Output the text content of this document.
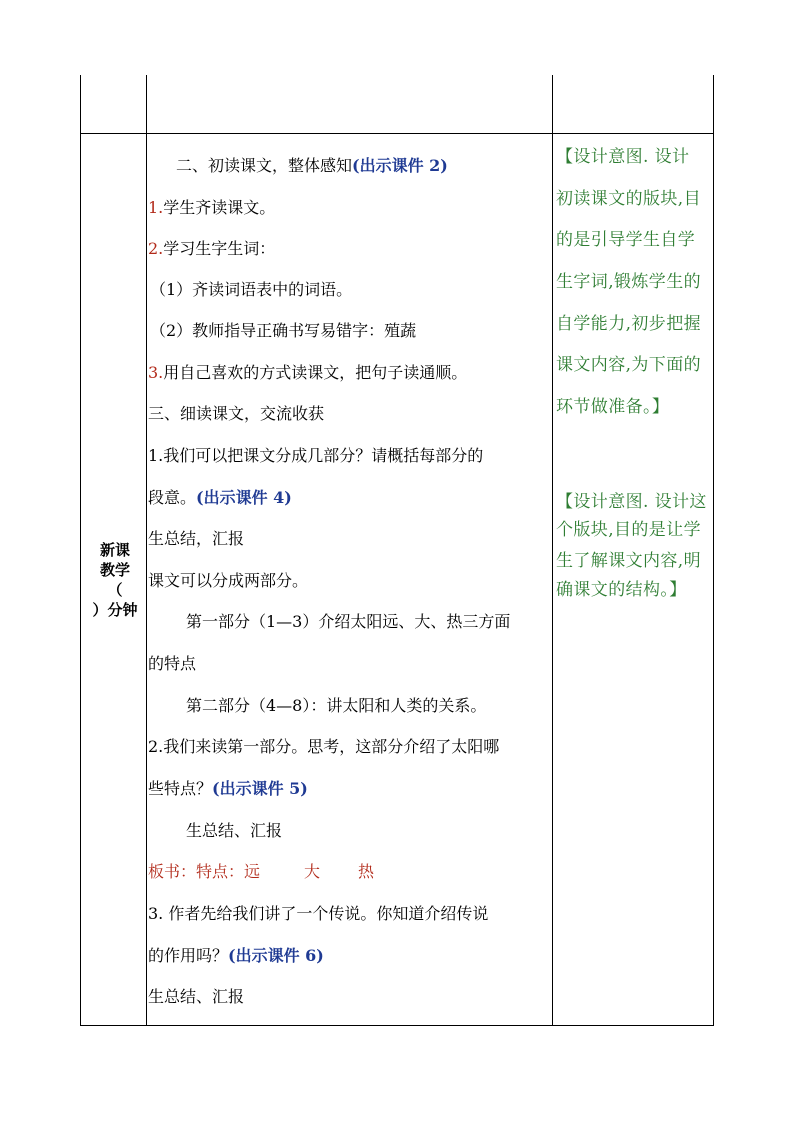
新课
教学
（
）分钟
二、初读课文，整体感知(出示课件 2)
1.学生齐读课文。
2.学习生字生词：
（1）齐读词语表中的词语。
（2）教师指导正确书写易错字：殖蔬
3.用自己喜欢的方式读课文，把句子读通顺。
三、细读课文，交流收获
1.我们可以把课文分成几部分？请概括每部分的
段意。(出示课件 4)
生总结，汇报
课文可以分成两部分。
第一部分（1—3）介绍太阳远、大、热三方面
的特点
第二部分（4—8）：讲太阳和人类的关系。
2.我们来读第一部分。思考，这部分介绍了太阳哪
些特点？(出示课件 5)
生总结、汇报
板书：特点：远	大 热
3. 作者先给我们讲了一个传说。你知道介绍传说
的作用吗？(出示课件 6)
生总结、汇报
【设计意图. 设计
初读课文的版块,目
的是引导学生自学
生字词,锻炼学生的
自学能力,初步把握
课文内容,为下面的
环节做准备。】
【设计意图. 设计这
个版块,目的是让学
生了解课文内容,明
确课文的结构。】
